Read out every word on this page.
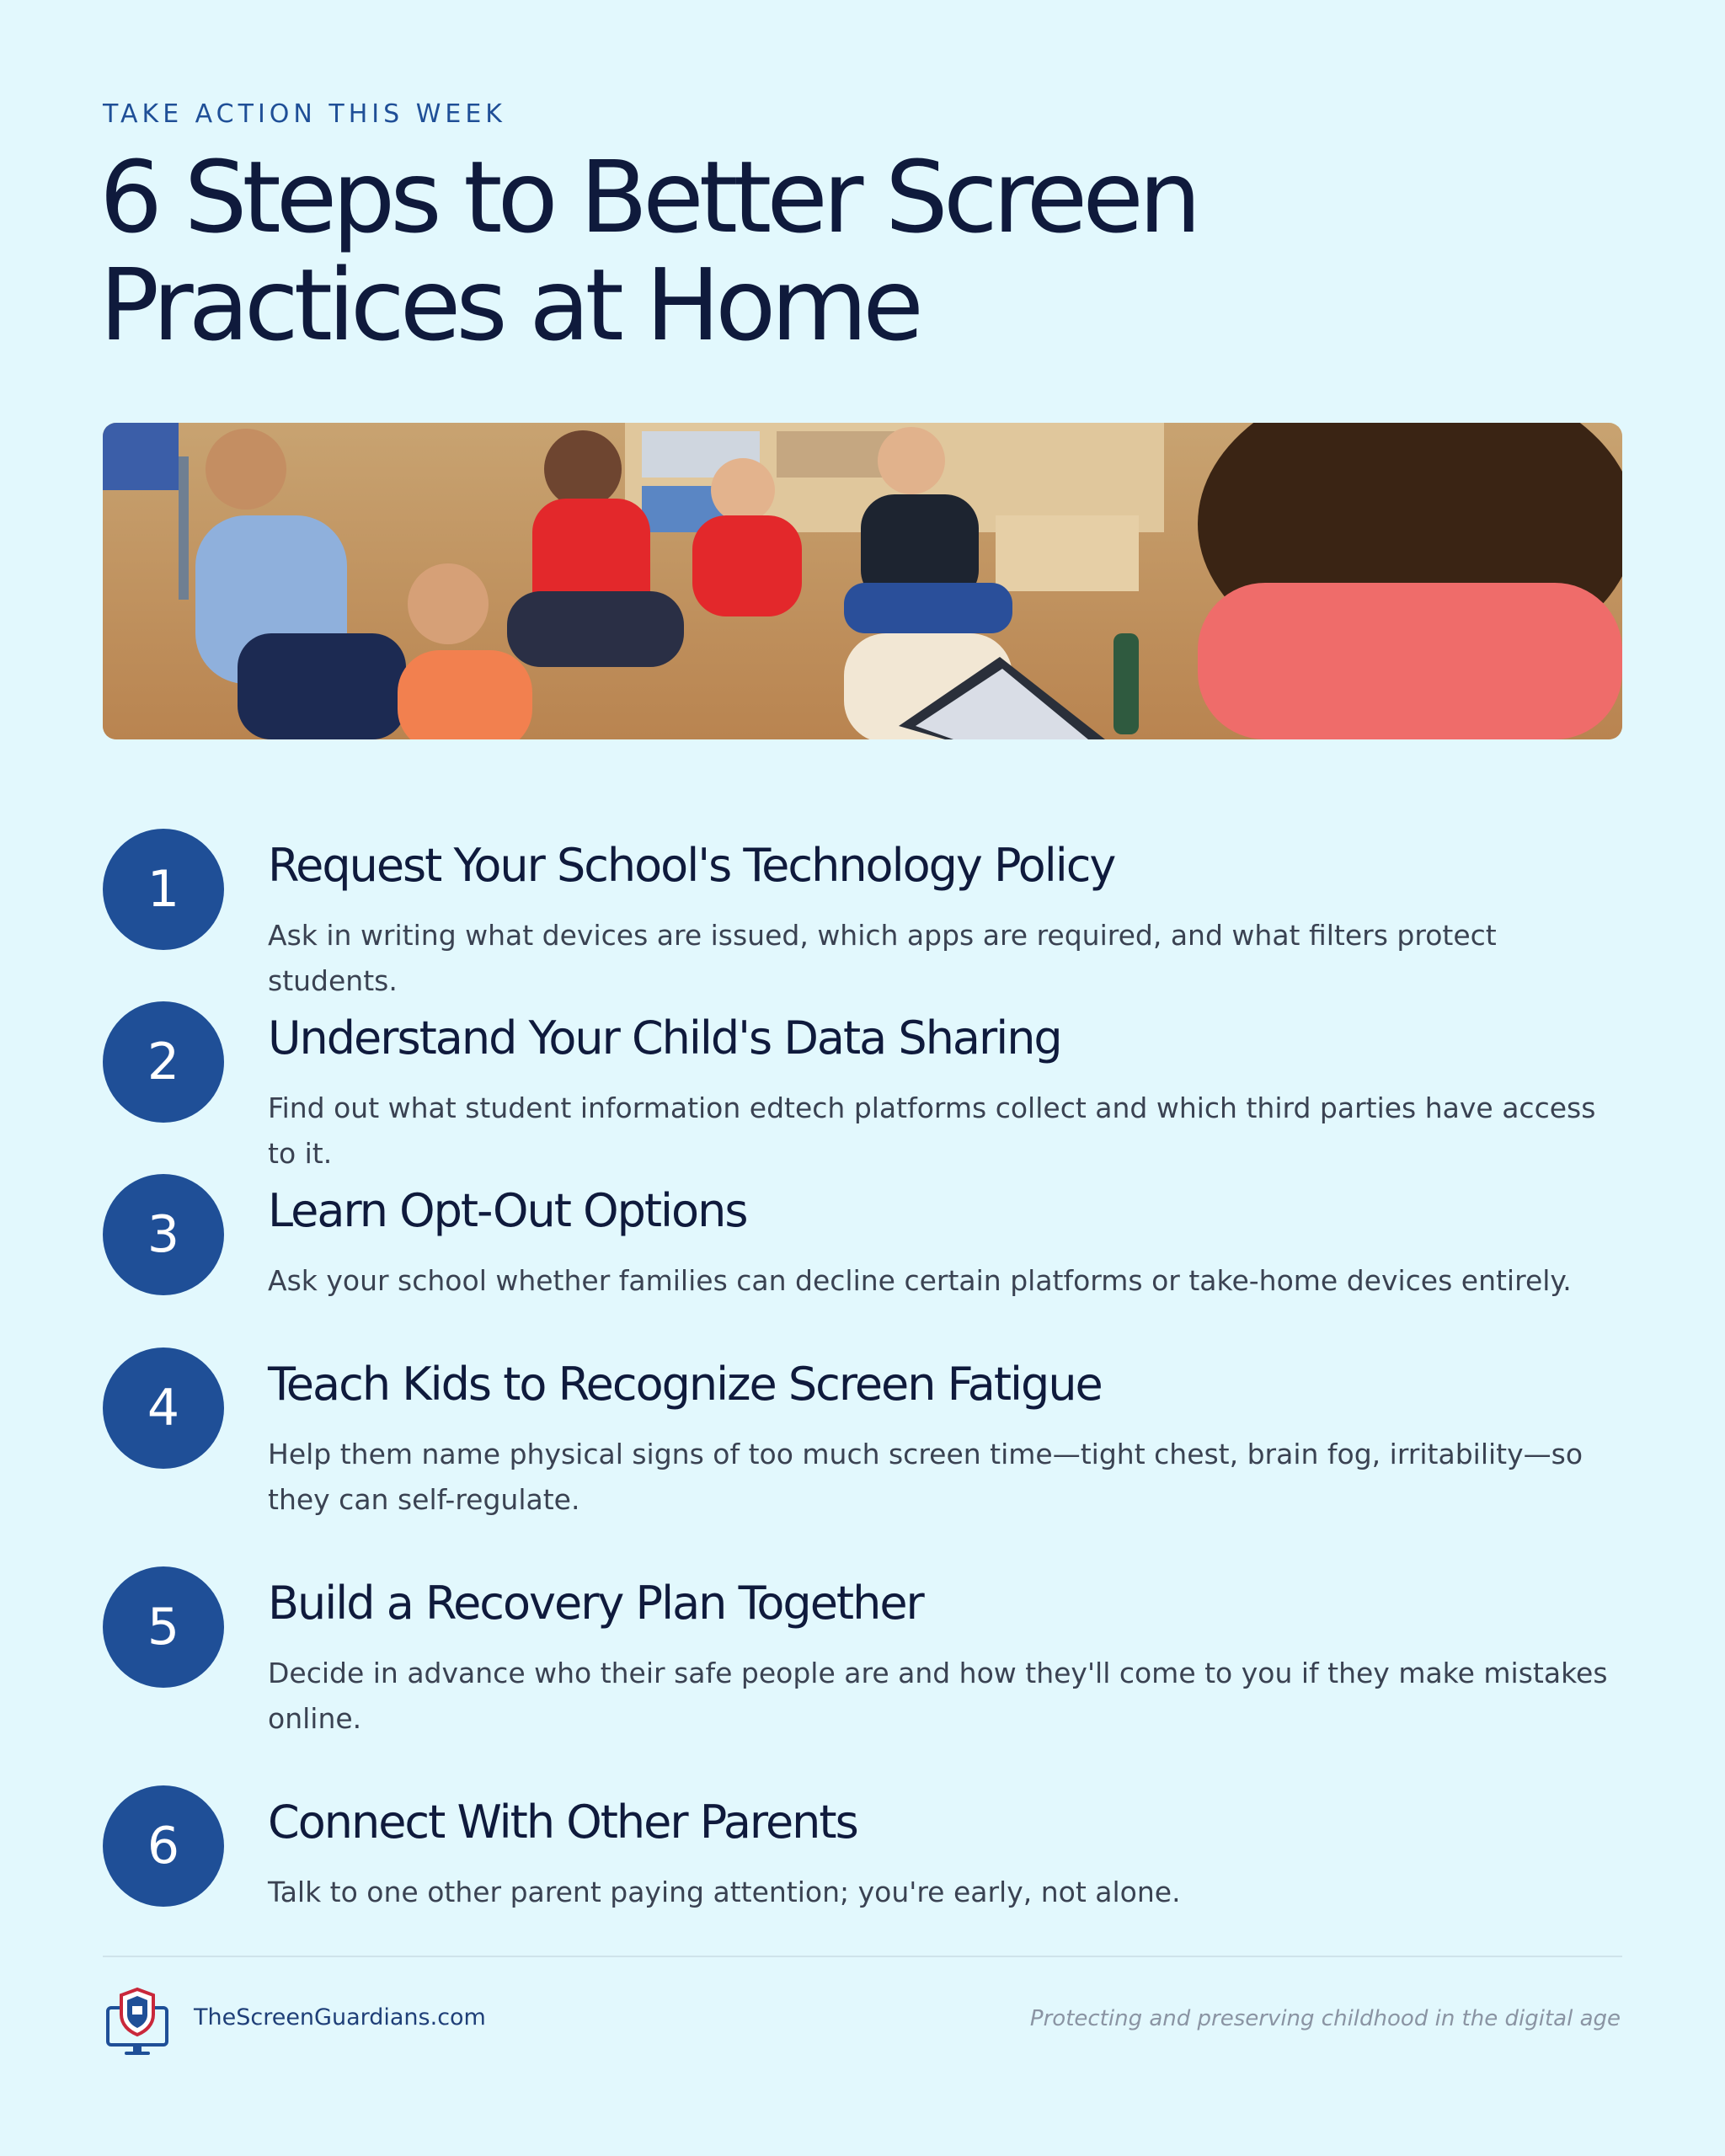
TAKE ACTION THIS WEEK
6 Steps to Better Screen
Practices at Home
1	Request Your School's Technology Policy
Ask in writing what devices are issued, which apps are required, and what filters protect students.
2	Understand Your Child's Data Sharing
Find out what student information edtech platforms collect and which third parties have access to it.
3	Learn Opt-Out Options
Ask your school whether families can decline certain platforms or take-home devices entirely.
4	Teach Kids to Recognize Screen Fatigue
Help them name physical signs of too much screen time—tight chest, brain fog, irritability—so they can self-regulate.
5	Build a Recovery Plan Together
Decide in advance who their safe people are and how they'll come to you if they make mistakes online.
6	Connect With Other Parents
Talk to one other parent paying attention; you're early, not alone.
TheScreenGuardians.com	Protecting and preserving childhood in the digital age
